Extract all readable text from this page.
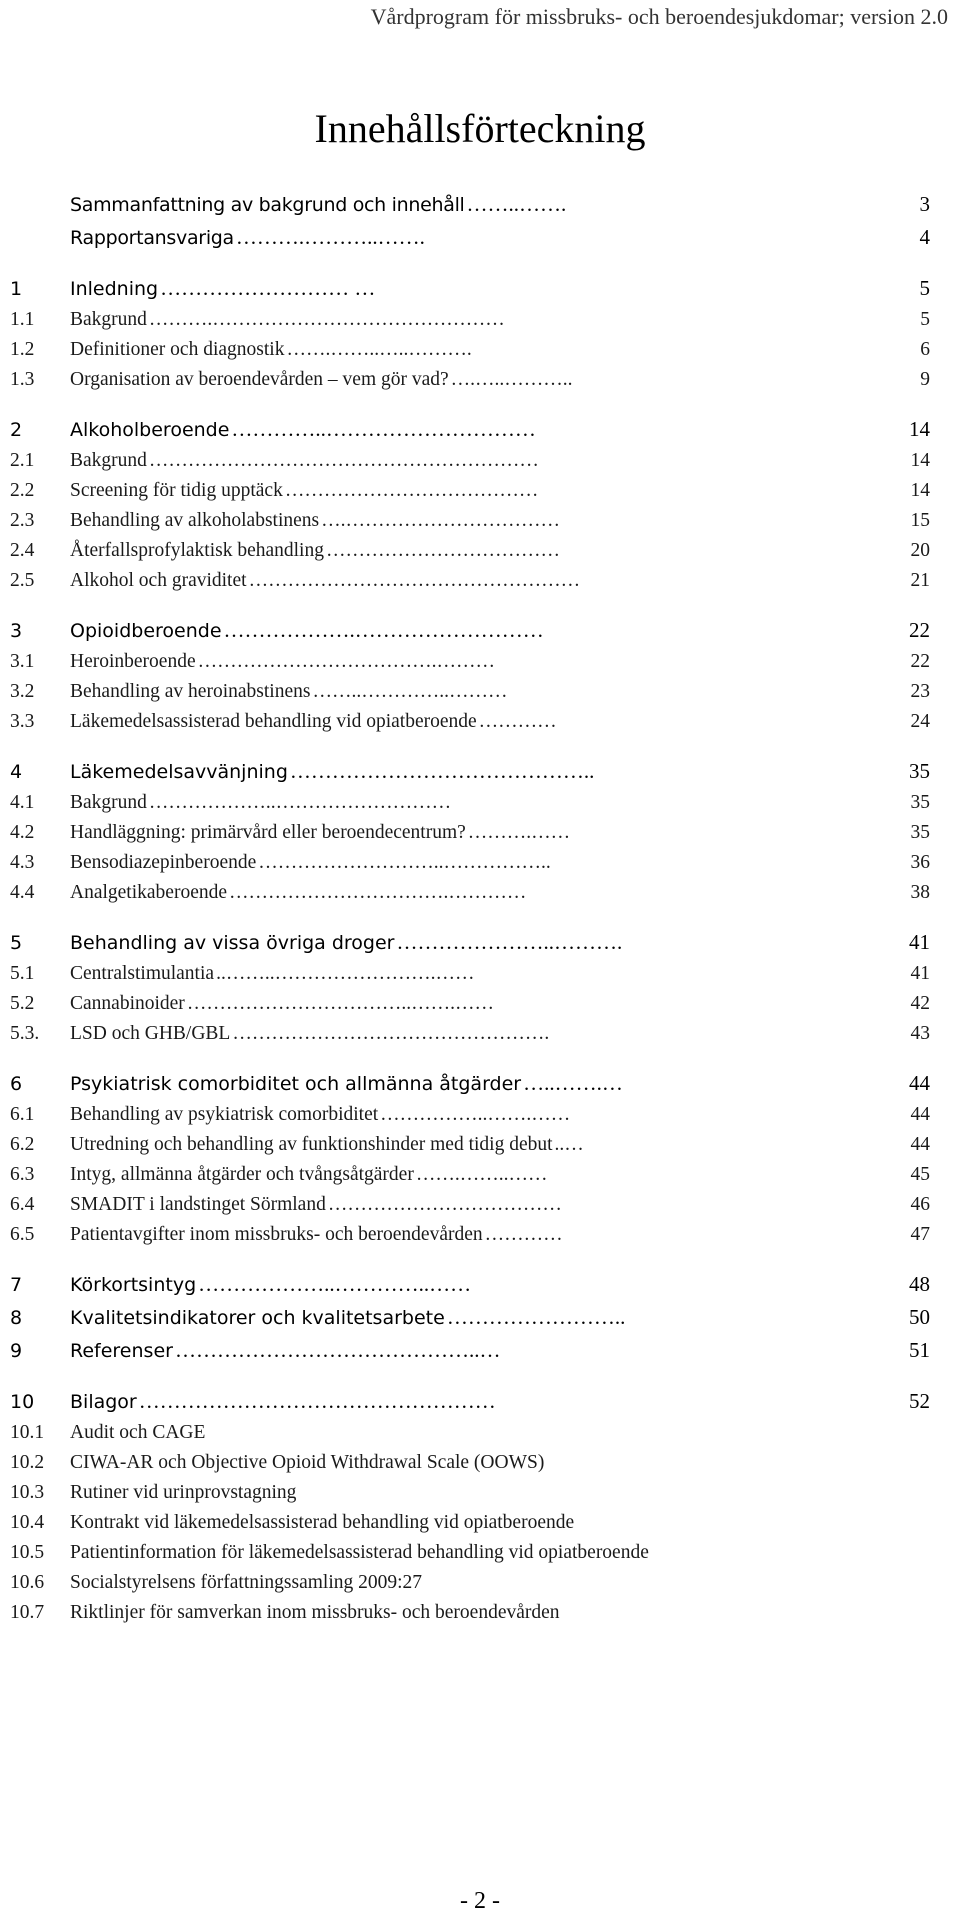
Vårdprogram för missbruks- och beroendesjukdomar; version 2.0
Innehållsförteckning
Sammanfattning av bakgrund och innehåll ……..…….	3
Rapportansvariga ……….………..…….	4
1	Inledning ……………………… …	5
1.1	Bakgrund ……….………………………………………	5
1.2	Definitioner och diagnostik …….……..…..……….	6
1.3	Organisation av beroendevården – vem gör vad? ….…..………..	9
2	Alkoholberoende …………..…………………………	14
2.1	Bakgrund ……………………………………………………	14
2.2	Screening för tidig upptäck …………………………………	14
2.3	Behandling av alkoholabstinens ….……………………………	15
2.4	Återfallsprofylaktisk behandling ………………………………	20
2.5	Alkohol och graviditet ……………………………………………	21
3	Opioidberoende ……………….………………………	22
3.1	Heroinberoende ……………………………….………	22
3.2	Behandling av heroinabstinens ……..…………..………	23
3.3	Läkemedelsassisterad behandling vid opiatberoende …………	24
4	Läkemedelsavvänjning ……………………………………..	35
4.1	Bakgrund ………………..………………………	35
4.2	Handläggning: primärvård eller beroendecentrum? ……….……	35
4.3	Bensodiazepinberoende ………………………..……………..	36
4.4	Analgetikaberoende …………………………….…………	38
5	Behandling av vissa övriga droger …………………..……….	41
5.1	Centralstimulantia ..……..…………………….……	41
5.2	Cannabinoider ……………………………..…….……	42
5.3.	LSD och GHB/GBL ………………………………………….	43
6	Psykiatrisk comorbiditet och allmänna åtgärder …..…….…	44
6.1	Behandling av psykiatrisk comorbiditet ……………..…….……	44
6.2	Utredning och behandling av funktionshinder med tidig debut ..…	44
6.3	Intyg, allmänna åtgärder och tvångsåtgärder …….……..……	45
6.4	SMADIT i landstinget Sörmland ………………………………	46
6.5	Patientavgifter inom missbruks- och beroendevården …………	47
7	Körkortsintyg ………………..…………..……	48
8	Kvalitetsindikatorer och kvalitetsarbete ……………………..	50
9	Referenser ……………………………………..…	51
10	Bilagor ……………………………………………	52
10.1	Audit och CAGE
10.2	CIWA-AR och Objective Opioid Withdrawal Scale (OOWS)
10.3	Rutiner vid urinprovstagning
10.4	Kontrakt vid läkemedelsassisterad behandling vid opiatberoende
10.5	Patientinformation för läkemedelsassisterad behandling vid opiatberoende
10.6	Socialstyrelsens författningssamling 2009:27
10.7	Riktlinjer för samverkan inom missbruks- och beroendevården
- 2 -
